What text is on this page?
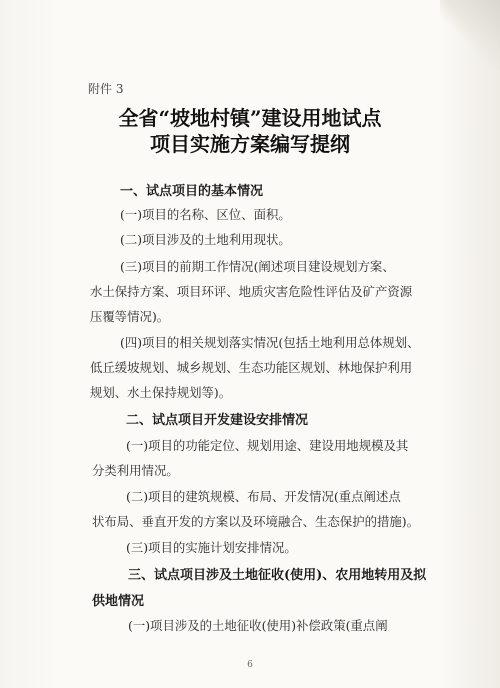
附件 3
全省“坡地村镇”建设用地试点
项目实施方案编写提纲
一、试点项目的基本情况
(一)项目的名称、区位、面积。
(二)项目涉及的土地利用现状。
(三)项目的前期工作情况(阐述项目建设规划方案、
水土保持方案、项目环评、地质灾害危险性评估及矿产资源
压覆等情况)。
(四)项目的相关规划落实情况(包括土地利用总体规划、
低丘缓坡规划、城乡规划、生态功能区规划、林地保护利用
规划、水土保持规划等)。
二、试点项目开发建设安排情况
(一)项目的功能定位、规划用途、建设用地规模及其
分类利用情况。
(二)项目的建筑规模、布局、开发情况(重点阐述点
状布局、垂直开发的方案以及环境融合、生态保护的措施)。
(三)项目的实施计划安排情况。
三、试点项目涉及土地征收(使用)、农用地转用及拟
供地情况
(一)项目涉及的土地征收(使用)补偿政策(重点阐
6
